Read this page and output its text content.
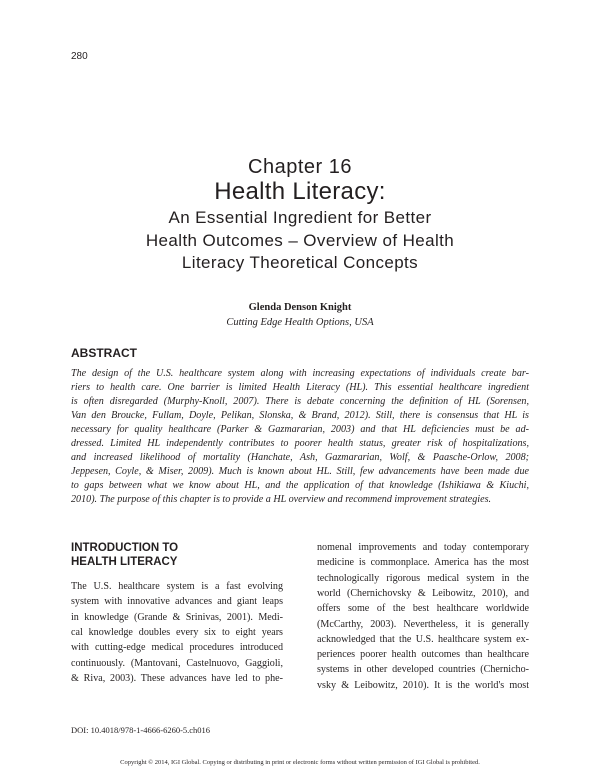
280
Chapter 16
Health Literacy:
An Essential Ingredient for Better
Health Outcomes – Overview of Health
Literacy Theoretical Concepts
Glenda Denson Knight
Cutting Edge Health Options, USA
ABSTRACT
The design of the U.S. healthcare system along with increasing expectations of individuals create bar-
riers to health care. One barrier is limited Health Literacy (HL). This essential healthcare ingredient
is often disregarded (Murphy-Knoll, 2007). There is debate concerning the definition of HL (Sorensen,
Van den Broucke, Fullam, Doyle, Pelikan, Slonska, & Brand, 2012). Still, there is consensus that HL is
necessary for quality healthcare (Parker & Gazmararian, 2003) and that HL deficiencies must be ad-
dressed. Limited HL independently contributes to poorer health status, greater risk of hospitalizations,
and increased likelihood of mortality (Hanchate, Ash, Gazmararian, Wolf, & Paasche-Orlow, 2008;
Jeppesen, Coyle, & Miser, 2009). Much is known about HL. Still, few advancements have been made due
to gaps between what we know about HL, and the application of that knowledge (Ishikiawa & Kiuchi,
2010). The purpose of this chapter is to provide a HL overview and recommend improvement strategies.
INTRODUCTION TO
HEALTH LITERACY
The U.S. healthcare system is a fast evolving
system with innovative advances and giant leaps
in knowledge (Grande & Srinivas, 2001). Medi-
cal knowledge doubles every six to eight years
with cutting-edge medical procedures introduced
continuously. (Mantovani, Castelnuovo, Gaggioli,
& Riva, 2003). These advances have led to phe-
nomenal improvements and today contemporary
medicine is commonplace. America has the most
technologically rigorous medical system in the
world (Chernichovsky & Leibowitz, 2010), and
offers some of the best healthcare worldwide
(McCarthy, 2003). Nevertheless, it is generally
acknowledged that the U.S. healthcare system ex-
periences poorer health outcomes than healthcare
systems in other developed countries (Chernicho-
vsky & Leibowitz, 2010). It is the world's most
DOI: 10.4018/978-1-4666-6260-5.ch016
Copyright © 2014, IGI Global. Copying or distributing in print or electronic forms without written permission of IGI Global is prohibited.
